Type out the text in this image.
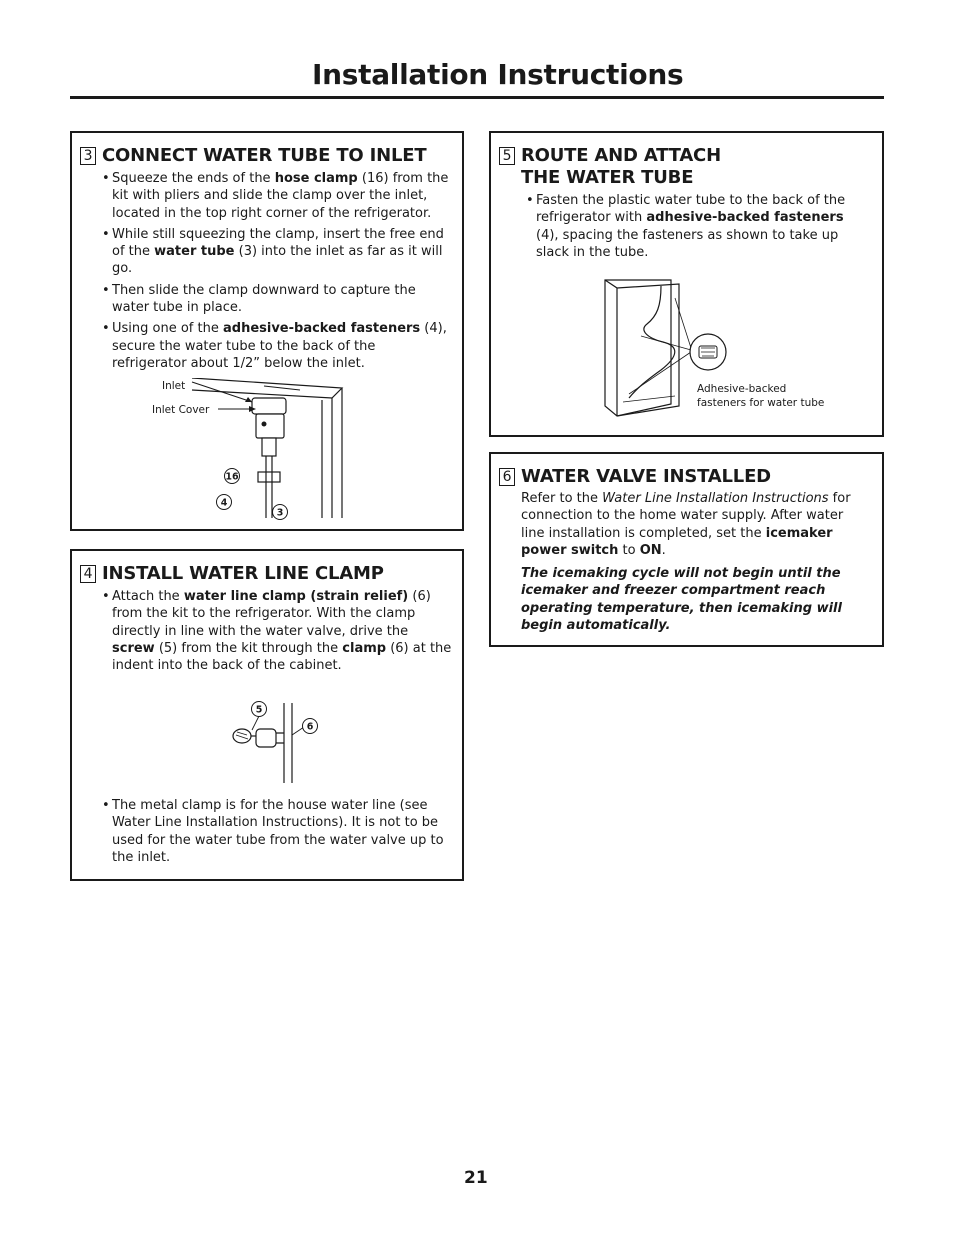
Installation Instructions
3 CONNECT WATER TUBE TO INLET
• Squeeze the ends of the hose clamp (16) from the kit with pliers and slide the clamp over the inlet, located in the top right corner of the refrigerator.
• While still squeezing the clamp, insert the free end of the water tube (3) into the inlet as far as it will go.
• Then slide the clamp downward to capture the water tube in place.
• Using one of the adhesive-backed fasteners (4), secure the water tube to the back of the refrigerator about 1/2” below the inlet.
Inlet
Inlet Cover
16
4
3
4 INSTALL WATER LINE CLAMP
• Attach the water line clamp (strain relief) (6) from the kit to the refrigerator. With the clamp directly in line with the water valve, drive the screw (5) from the kit through the clamp (6) at the indent into the back of the cabinet.
5
6
• The metal clamp is for the house water line (see Water Line Installation Instructions). It is not to be used for the water tube from the water valve up to the inlet.
5 ROUTE AND ATTACH
THE WATER TUBE
• Fasten the plastic water tube to the back of the refrigerator with adhesive-backed fasteners (4), spacing the fasteners as shown to take up slack in the tube.
Adhesive-backed
fasteners for water tube
6 WATER VALVE INSTALLED

Refer to the Water Line Installation Instructions for connection to the home water supply. After water line installation is completed, set the icemaker power switch to ON.

The icemaking cycle will not begin until the icemaker and freezer compartment reach operating temperature, then icemaking will begin automatically.

21
